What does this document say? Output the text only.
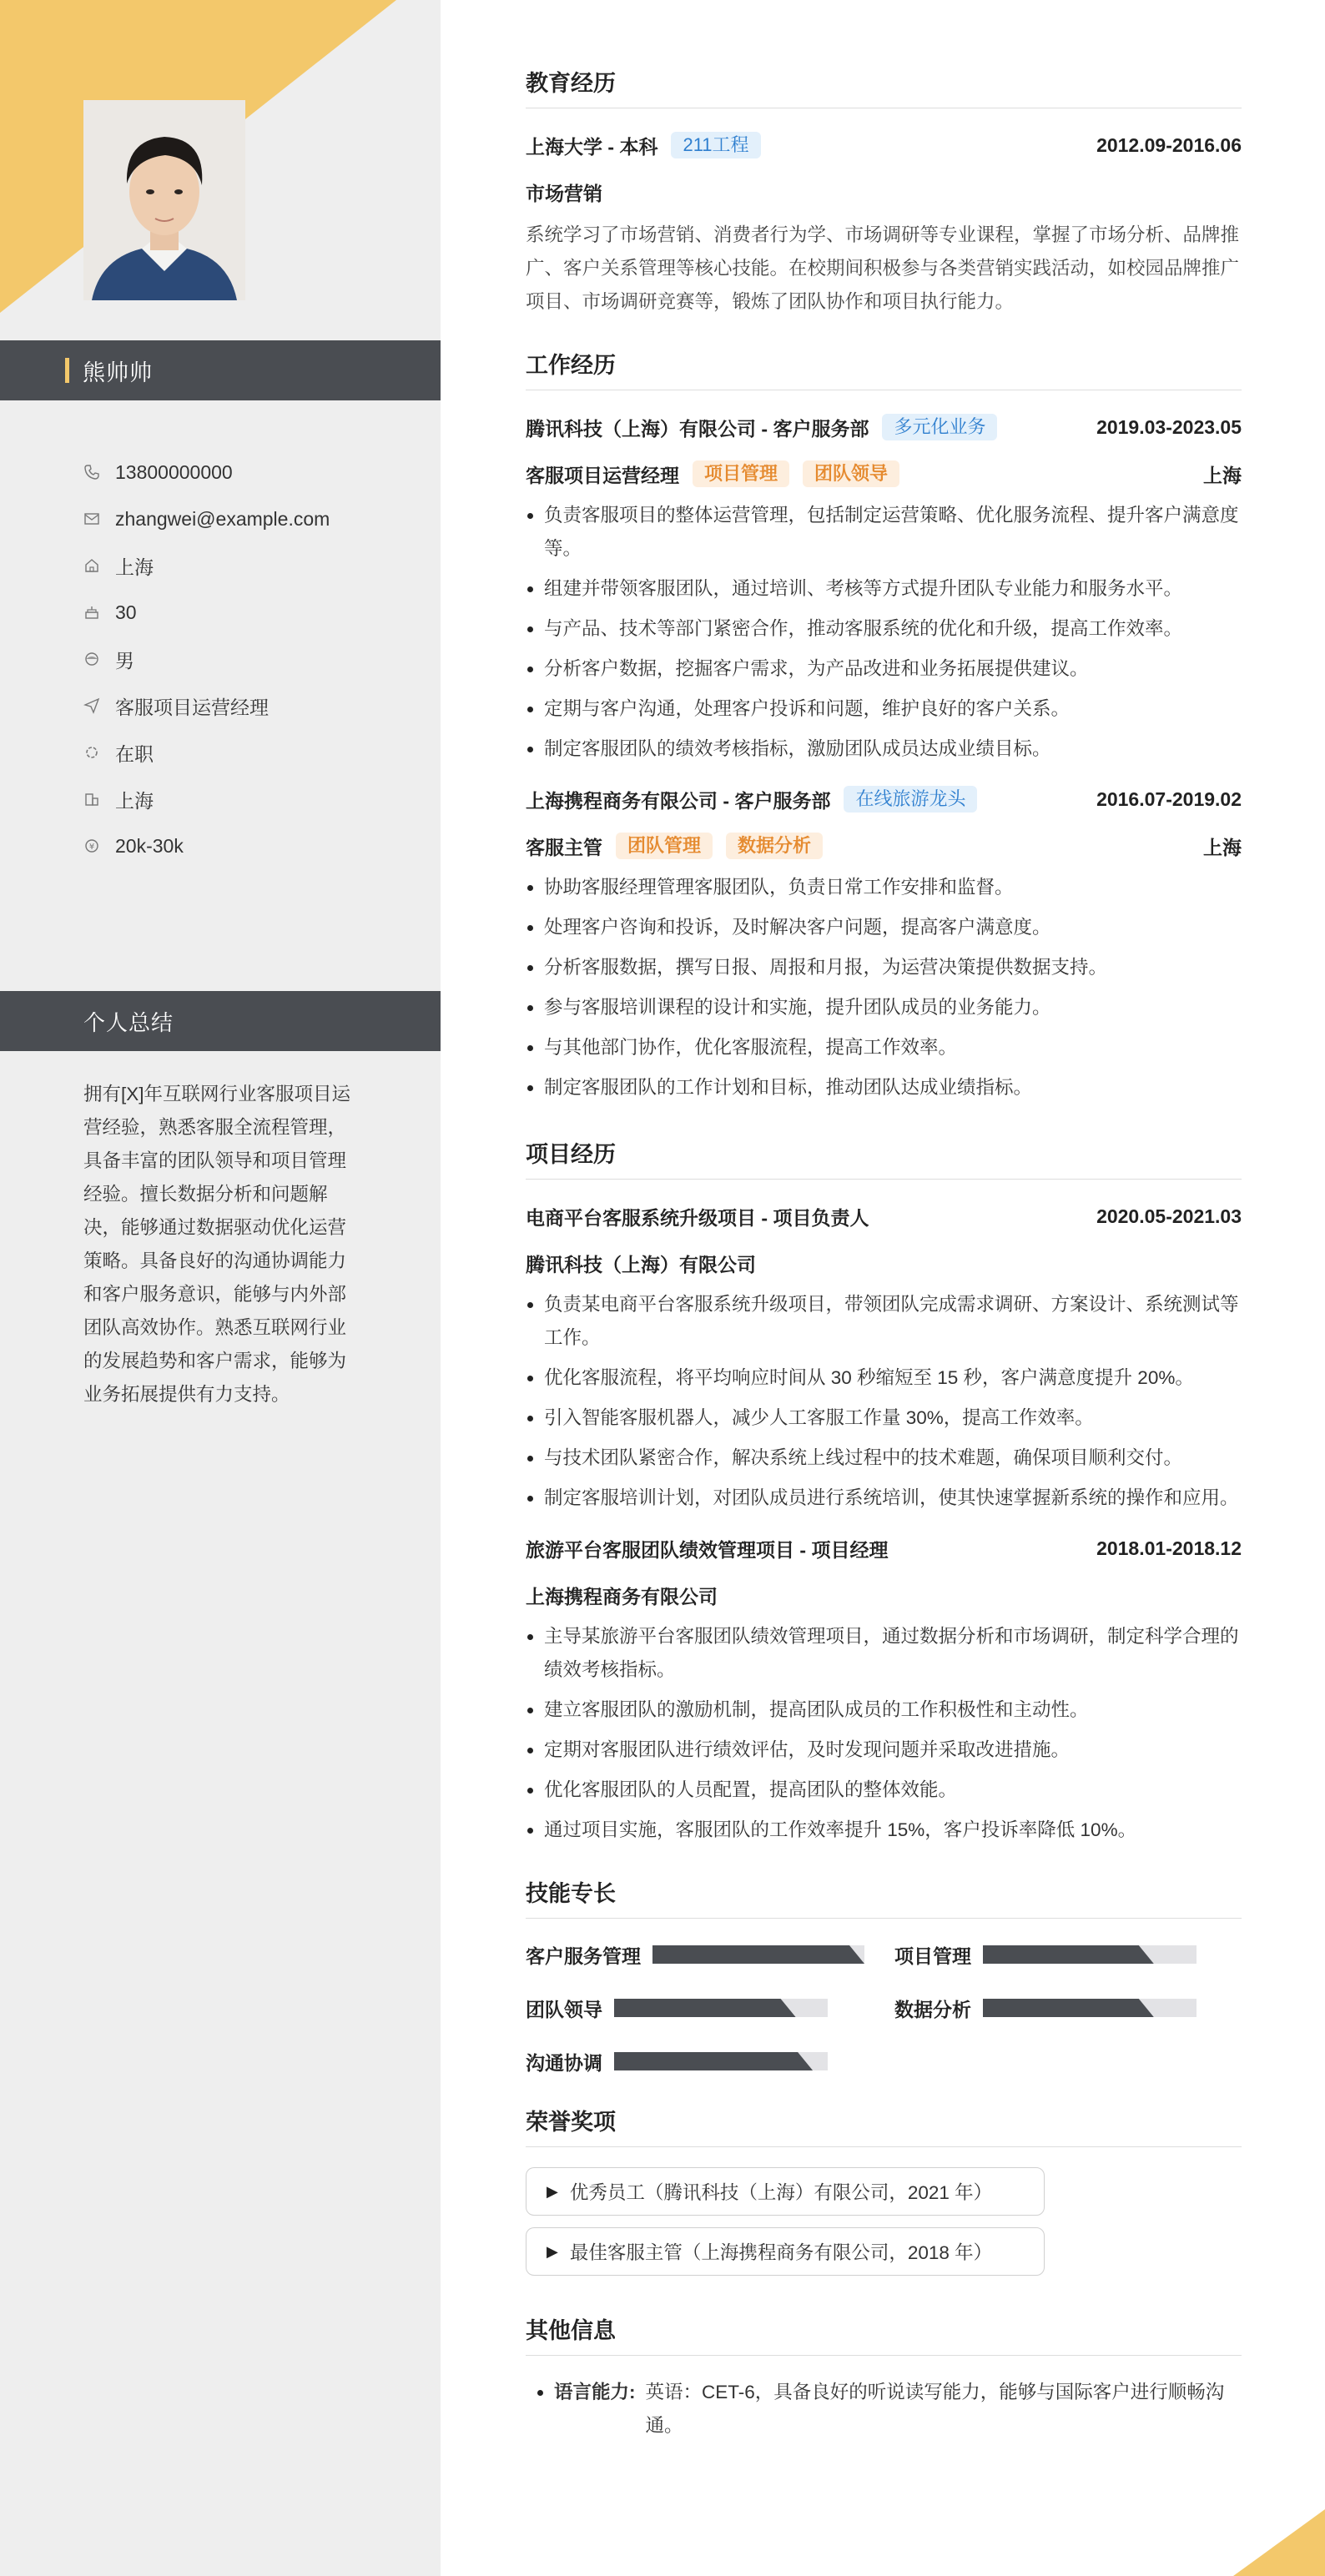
熊帅帅
13800000000
zhangwei@example.com
上海
30
男
客服项目运营经理
在职
上海
¥ 20k-30k
个人总结

拥有[X]年互联网行业客服项目运营经验，熟悉客服全流程管理，具备丰富的团队领导和项目管理经验。擅长数据分析和问题解决，能够通过数据驱动优化运营策略。具备良好的沟通协调能力和客户服务意识，能够与内外部团队高效协作。熟悉互联网行业的发展趋势和客户需求，能够为业务拓展提供有力支持。

教育经历
上海大学 - 本科	211工程	2012.09-2016.06
市场营销

系统学习了市场营销、消费者行为学、市场调研等专业课程，掌握了市场分析、品牌推广、客户关系管理等核心技能。在校期间积极参与各类营销实践活动，如校园品牌推广项目、市场调研竞赛等，锻炼了团队协作和项目执行能力。

工作经历
腾讯科技（上海）有限公司 - 客户服务部	多元化业务	2019.03-2023.05
客服项目运营经理	项目管理	团队领导	上海
负责客服项目的整体运营管理，包括制定运营策略、优化服务流程、提升客户满意度等。
组建并带领客服团队，通过培训、考核等方式提升团队专业能力和服务水平。
与产品、技术等部门紧密合作，推动客服系统的优化和升级，提高工作效率。
分析客户数据，挖掘客户需求，为产品改进和业务拓展提供建议。
定期与客户沟通，处理客户投诉和问题，维护良好的客户关系。
制定客服团队的绩效考核指标，激励团队成员达成业绩目标。
上海携程商务有限公司 - 客户服务部	在线旅游龙头	2016.07-2019.02
客服主管	团队管理	数据分析	上海
协助客服经理管理客服团队，负责日常工作安排和监督。
处理客户咨询和投诉，及时解决客户问题，提高客户满意度。
分析客服数据，撰写日报、周报和月报，为运营决策提供数据支持。
参与客服培训课程的设计和实施，提升团队成员的业务能力。
与其他部门协作，优化客服流程，提高工作效率。
制定客服团队的工作计划和目标，推动团队达成业绩指标。
项目经历
电商平台客服系统升级项目 - 项目负责人	2020.05-2021.03
腾讯科技（上海）有限公司
负责某电商平台客服系统升级项目，带领团队完成需求调研、方案设计、系统测试等工作。
优化客服流程，将平均响应时间从 30 秒缩短至 15 秒，客户满意度提升 20%。
引入智能客服机器人，减少人工客服工作量 30%，提高工作效率。
与技术团队紧密合作，解决系统上线过程中的技术难题，确保项目顺利交付。
制定客服培训计划，对团队成员进行系统培训，使其快速掌握新系统的操作和应用。
旅游平台客服团队绩效管理项目 - 项目经理	2018.01-2018.12
上海携程商务有限公司
主导某旅游平台客服团队绩效管理项目，通过数据分析和市场调研，制定科学合理的绩效考核指标。
建立客服团队的激励机制，提高团队成员的工作积极性和主动性。
定期对客服团队进行绩效评估，及时发现问题并采取改进措施。
优化客服团队的人员配置，提高团队的整体效能。
通过项目实施，客服团队的工作效率提升 15%，客户投诉率降低 10%。
技能专长
客户服务管理	项目管理
团队领导	数据分析
沟通协调
荣誉奖项
▶ 优秀员工（腾讯科技（上海）有限公司，2021 年）

▶ 最佳客服主管（上海携程商务有限公司，2018 年）
其他信息
语言能力: 英语：CET-6，具备良好的听说读写能力，能够与国际客户进行顺畅沟通。
